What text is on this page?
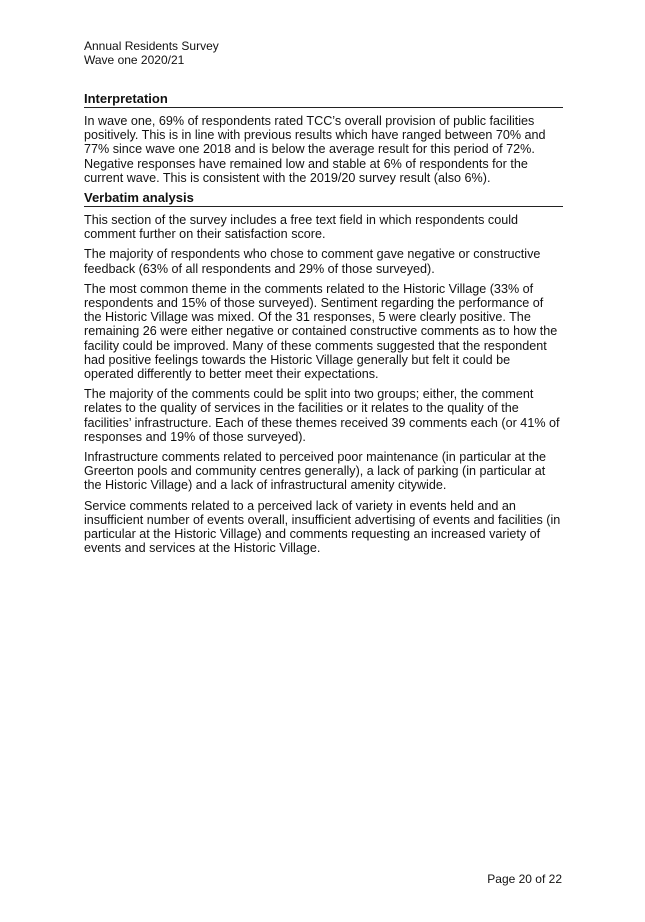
Annual Residents Survey
Wave one 2020/21
Interpretation

In wave one, 69% of respondents rated TCC’s overall provision of public facilities positively. This is in line with previous results which have ranged between 70% and 77% since wave one 2018 and is below the average result for this period of 72%. Negative responses have remained low and stable at 6% of respondents for the current wave. This is consistent with the 2019/20 survey result (also 6%).

Verbatim analysis

This section of the survey includes a free text field in which respondents could comment further on their satisfaction score.

The majority of respondents who chose to comment gave negative or constructive feedback (63% of all respondents and 29% of those surveyed).

The most common theme in the comments related to the Historic Village (33% of respondents and 15% of those surveyed). Sentiment regarding the performance of the Historic Village was mixed. Of the 31 responses, 5 were clearly positive. The remaining 26 were either negative or contained constructive comments as to how the facility could be improved. Many of these comments suggested that the respondent had positive feelings towards the Historic Village generally but felt it could be operated differently to better meet their expectations.

The majority of the comments could be split into two groups; either, the comment relates to the quality of services in the facilities or it relates to the quality of the facilities’ infrastructure. Each of these themes received 39 comments each (or 41% of responses and 19% of those surveyed).

Infrastructure comments related to perceived poor maintenance (in particular at the Greerton pools and community centres generally), a lack of parking (in particular at the Historic Village) and a lack of infrastructural amenity citywide.

Service comments related to a perceived lack of variety in events held and an insufficient number of events overall, insufficient advertising of events and facilities (in particular at the Historic Village) and comments requesting an increased variety of events and services at the Historic Village.

Page 20 of 22
